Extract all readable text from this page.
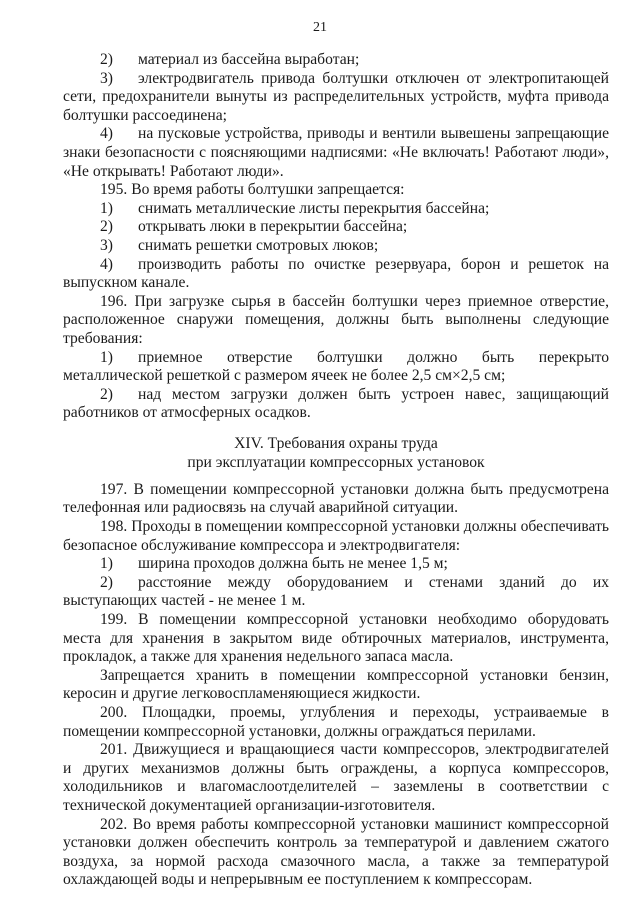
21

2) материал из бассейна выработан;

3) электродвигатель привода болтушки отключен от электропитающей сети, предохранители вынуты из распределительных устройств, муфта привода болтушки рассоединена;

4) на пусковые устройства, приводы и вентили вывешены запрещающие знаки безопасности с поясняющими надписями: «Не включать! Работают люди», «Не открывать! Работают люди».

195. Во время работы болтушки запрещается:

1) снимать металлические листы перекрытия бассейна;

2) открывать люки в перекрытии бассейна;

3) снимать решетки смотровых люков;

4) производить работы по очистке резервуара, борон и решеток на выпускном канале.

196. При загрузке сырья в бассейн болтушки через приемное отверстие, расположенное снаружи помещения, должны быть выполнены следующие требования:

1) приемное отверстие болтушки должно быть перекрыто металлической решеткой с размером ячеек не более 2,5 см×2,5 см;

2) над местом загрузки должен быть устроен навес, защищающий работников от атмосферных осадков.

XIV. Требования охраны труда
при эксплуатации компрессорных установок

197. В помещении компрессорной установки должна быть предусмотрена телефонная или радиосвязь на случай аварийной ситуации.

198. Проходы в помещении компрессорной установки должны обеспечивать безопасное обслуживание компрессора и электродвигателя:

1) ширина проходов должна быть не менее 1,5 м;

2) расстояние между оборудованием и стенами зданий до их выступающих частей - не менее 1 м.

199. В помещении компрессорной установки необходимо оборудовать места для хранения в закрытом виде обтирочных материалов, инструмента, прокладок, а также для хранения недельного запаса масла.

Запрещается хранить в помещении компрессорной установки бензин, керосин и другие легковоспламеняющиеся жидкости.

200. Площадки, проемы, углубления и переходы, устраиваемые в помещении компрессорной установки, должны ограждаться перилами.

201. Движущиеся и вращающиеся части компрессоров, электродвигателей и других механизмов должны быть ограждены, а корпуса компрессоров, холодильников и влагомаслоотделителей – заземлены в соответствии с технической документацией организации-изготовителя.

202. Во время работы компрессорной установки машинист компрессорной установки должен обеспечить контроль за температурой и давлением сжатого воздуха, за нормой расхода смазочного масла, а также за температурой охлаждающей воды и непрерывным ее поступлением к компрессорам.
